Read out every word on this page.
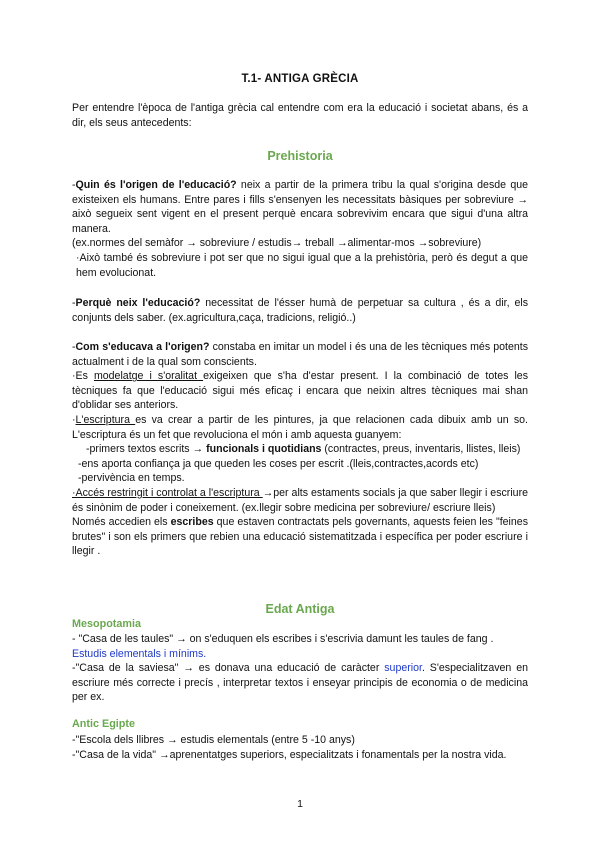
T.1- ANTIGA GRÈCIA

Per entendre l'època de l'antiga grècia cal entendre com era la educació i societat abans, és a dir, els seus antecedents:

Prehistoria

-Quin és l'origen de l'educació? neix a partir de la primera tribu la qual s'origina desde que existeixen els humans. Entre pares i fills s'ensenyen les necessitats bàsiques per sobreviure → això segueix sent vigent en el present perquè encara sobrevivim encara que sigui d'una altra manera.

(ex.normes del semàfor → sobreviure / estudis→ treball →alimentar-mos →sobreviure)

·Això també és sobreviure i pot ser que no sigui igual que a la prehistòria, però és degut a que hem evolucionat.

-Perquè neix l'educació? necessitat de l'ésser humà de perpetuar sa cultura , és a dir, els conjunts dels saber. (ex.agricultura,caça, tradicions, religió..)

-Com s'educava a l'origen? constaba en imitar un model i és una de les tècniques més potents actualment i de la qual som conscients.

·Es modelatge i s'oralitat exigeixen que s'ha d'estar present. I la combinació de totes les tècniques fa que l'educació sigui més eficaç i encara que neixin altres tècniques mai shan d'oblidar ses anteriors.

·L'escriptura es va crear a partir de les pintures, ja que relacionen cada dibuix amb un so. L'escriptura és un fet que revoluciona el món i amb aquesta guanyem:

-primers textos escrits → funcionals i quotidians (contractes, preus, inventaris, llistes, lleis)

-ens aporta confiança ja que queden les coses per escrit .(lleis,contractes,acords etc)

-pervivència en temps.

·Accés restringit i controlat a l'escriptura →per alts estaments socials ja que saber llegir i escriure és sinònim de poder i coneixement. (ex.llegir sobre medicina per sobreviure/ escriure lleis)

Només accedien els escribes que estaven contractats pels governants, aquests feien les "feines brutes" i son els primers que rebien una educació sistematitzada i específica per poder escriure i llegir .

Edat Antiga
Mesopotamia

- "Casa de les taules" → on s'eduquen els escribes i s'escrivia damunt les taules de fang .

Estudis elementals i mínims.

-"Casa de la saviesa" → es donava una educació de caràcter superior. S'especialitzaven en escriure més correcte i precís , interpretar textos i enseyar principis de economia o de medicina per ex.

Antic Egipte

-"Escola dels llibres → estudis elementals (entre 5 -10 anys)

-"Casa de la vida" →aprenentatges superiors, especialitzats i fonamentals per la nostra vida.

1
